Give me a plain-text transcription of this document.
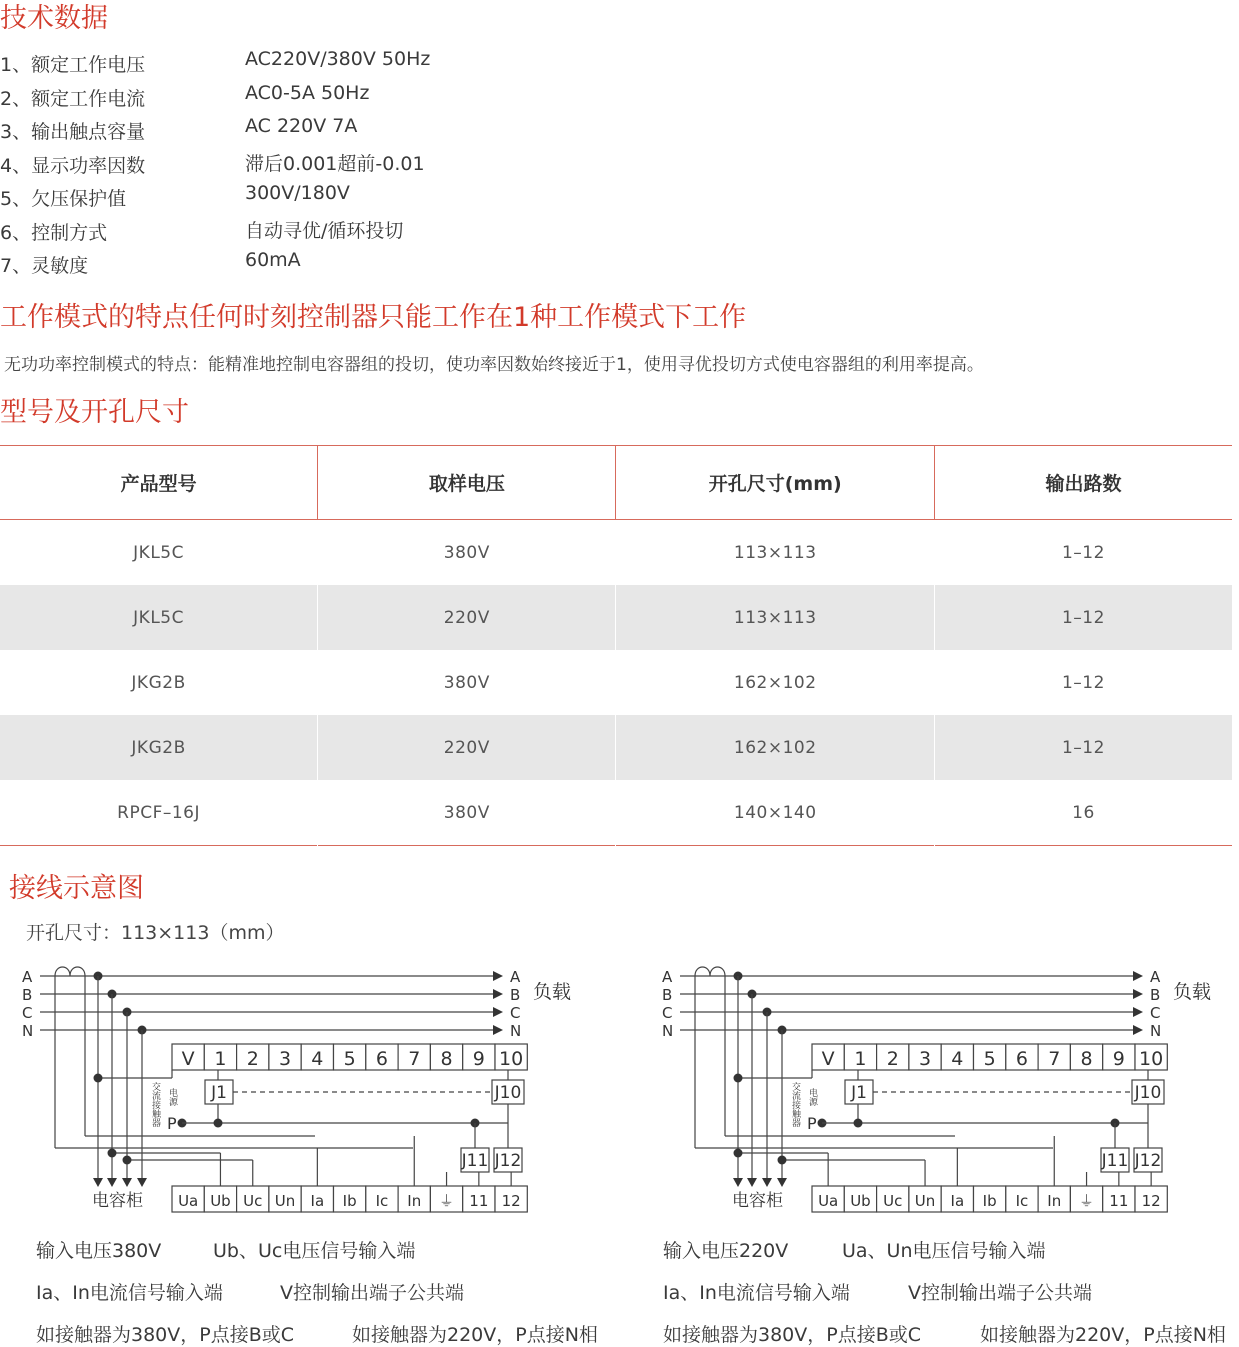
技术数据
1、额定工作电压	AC220V/380V 50Hz
2、额定工作电流	AC0-5A 50Hz
3、输出触点容量	AC 220V 7A
4、显示功率因数	滞后0.001超前-0.01
5、欠压保护值	300V/180V
6、控制方式	自动寻优/循环投切
7、灵敏度	60mA
工作模式的特点任何时刻控制器只能工作在1种工作模式下工作
无功功率控制模式的特点：能精准地控制电容器组的投切，使功率因数始终接近于1，使用寻优投切方式使电容器组的利用率提高。
型号及开孔尺寸
产品型号	取样电压	开孔尺寸(mm)	输出路数
JKL5C	380V	113×113	1–12
JKL5C	220V	113×113	1–12
JKG2B	380V	162×102	1–12
JKG2B	220V	162×102	1–12
RPCF–16J	380V	140×140	16
接线示意图
开孔尺寸：113×113（mm）
A	A
B	B
C	C
N	N
负载
V 1 2 3 4 5 6 7 8 9 10
J1	J10
P
J11 J12
交流接触器 电源
Ua Ub Uc Un Ia Ib Ic In ⏚ 11 12
电容柜
A	A
B	B
C	C
N	N
负载
V 1 2 3 4 5 6 7 8 9 10
J1	J10
P
J11 J12
交流接触器 电源
Ua Ub Uc Un Ia Ib Ic In ⏚ 11 12
电容柜
输入电压380V	Ub、Uc电压信号输入端
Ia、In电流信号输入端	V控制输出端子公共端
如接触器为380V，P点接B或C	如接触器为220V，P点接N相
输入电压220V	Ua、Un电压信号输入端
Ia、In电流信号输入端	V控制输出端子公共端
如接触器为380V，P点接B或C	如接触器为220V，P点接N相
